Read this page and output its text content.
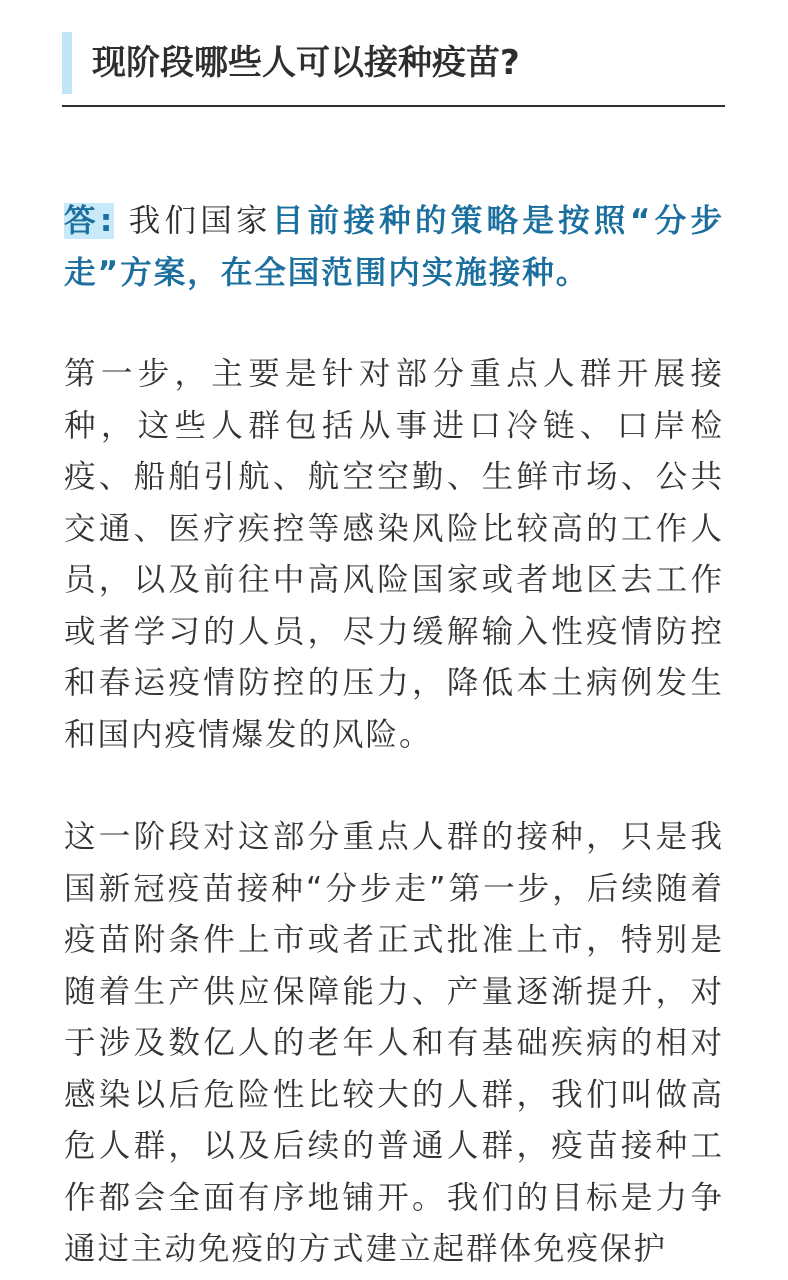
现阶段哪些人可以接种疫苗?

答: 我们国家目前接种的策略是按照“分步走”方案，在全国范围内实施接种。

第一步，主要是针对部分重点人群开展接种，这些人群包括从事进口冷链、口岸检疫、船舶引航、航空空勤、生鲜市场、公共交通、医疗疾控等感染风险比较高的工作人员，以及前往中高风险国家或者地区去工作或者学习的人员，尽力缓解输入性疫情防控和春运疫情防控的压力，降低本土病例发生和国内疫情爆发的风险。

这一阶段对这部分重点人群的接种，只是我国新冠疫苗接种“分步走”第一步，后续随着疫苗附条件上市或者正式批准上市，特别是随着生产供应保障能力、产量逐渐提升，对于涉及数亿人的老年人和有基础疾病的相对感染以后危险性比较大的人群，我们叫做高危人群，以及后续的普通人群，疫苗接种工作都会全面有序地铺开。我们的目标是力争通过主动免疫的方式建立起群体免疫保护
